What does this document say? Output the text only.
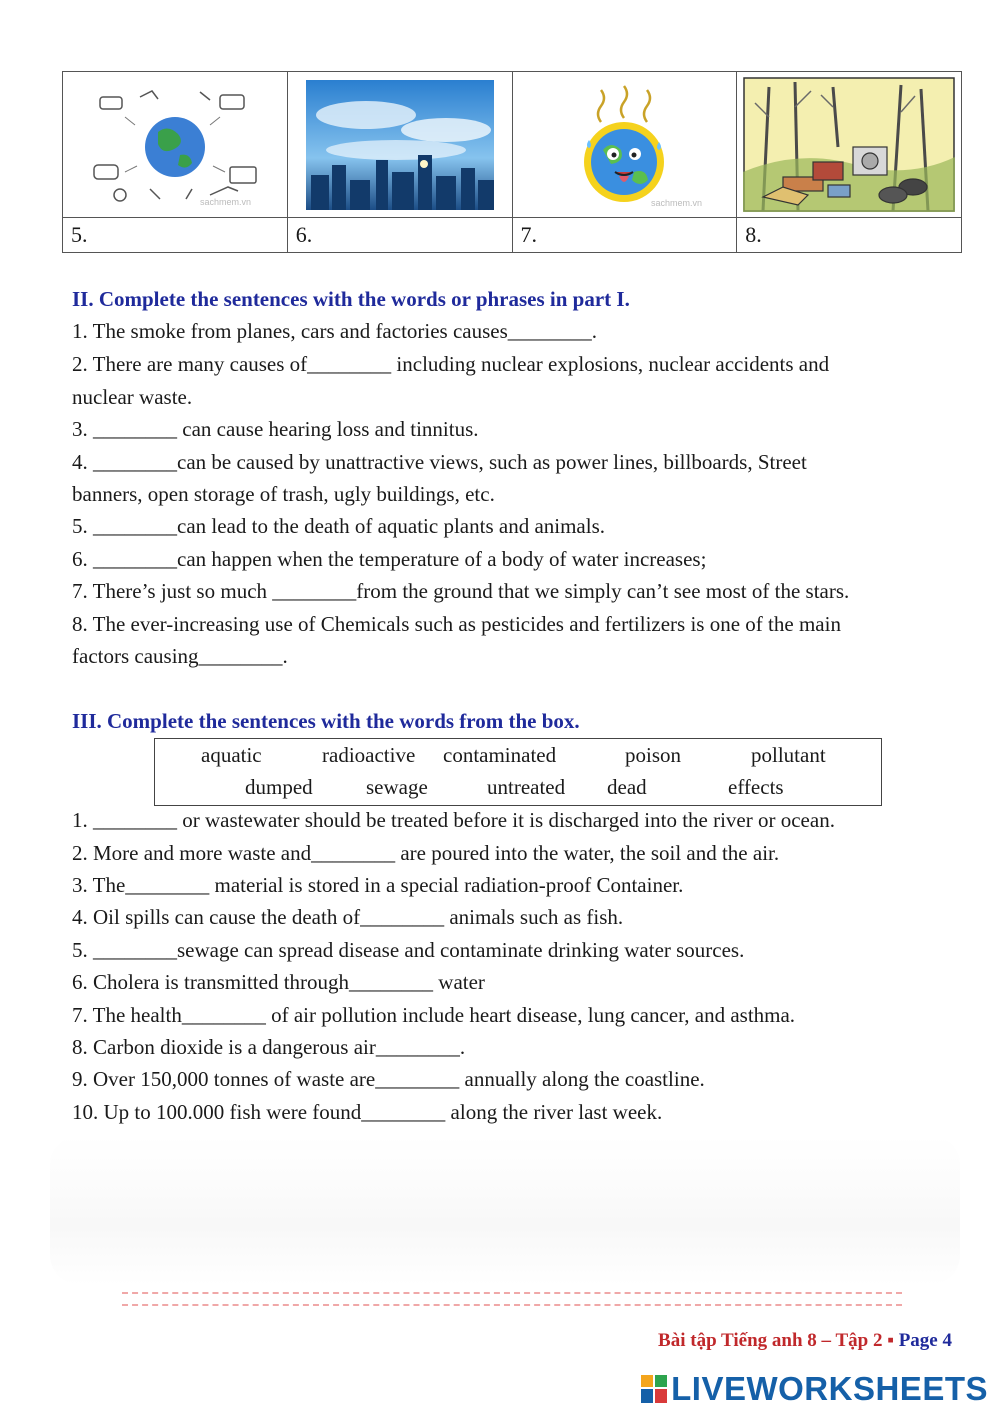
sachmem.vn		sachmem.vn

5.	6.	7.	8.

II. Complete the sentences with the words or phrases in part I.

1. The smoke from planes, cars and factories causes________.

2. There are many causes of________ including nuclear explosions, nuclear accidents and

nuclear waste.

3. ________ can cause hearing loss and tinnitus.

4. ________can be caused by unattractive views, such as power lines, billboards, Street

banners, open storage of trash, ugly buildings, etc.

5. ________can lead to the death of aquatic plants and animals.

6. ________can happen when the temperature of a body of water increases;

7. There’s just so much ________from the ground that we simply can’t see most of the stars.

8. The ever-increasing use of Chemicals such as pesticides and fertilizers is one of the main

factors causing________.

III. Complete the sentences with the words from the box.

aquatic	radioactive contaminated	poison	pollutant
dumped	sewage	untreated dead	effects

1. ________ or wastewater should be treated before it is discharged into the river or ocean.

2. More and more waste and________ are poured into the water, the soil and the air.

3. The________ material is stored in a special radiation-proof Container.

4. Oil spills can cause the death of________ animals such as fish.

5. ________sewage can spread disease and contaminate drinking water sources.

6. Cholera is transmitted through________ water

7. The health________ of air pollution include heart disease, lung cancer, and asthma.

8. Carbon dioxide is a dangerous air________.

9. Over 150,000 tonnes of waste are________ annually along the coastline.

10. Up to 100.000 fish were found________ along the river last week.

Bài tập Tiếng anh 8 – Tập 2 ▪ Page 4
LIVEWORKSHEETS
